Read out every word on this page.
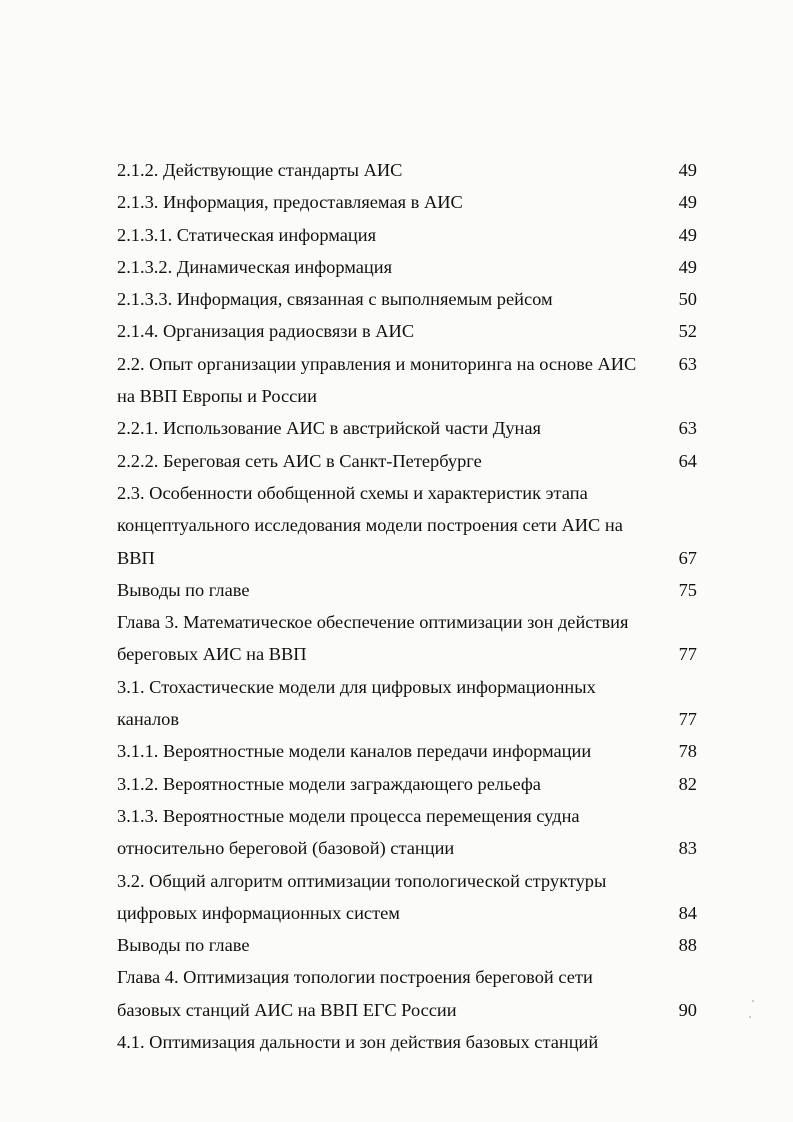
2.1.2. Действующие стандарты АИС	49
2.1.3. Информация, предоставляемая в АИС	49
2.1.3.1. Статическая информация	49
2.1.3.2. Динамическая информация	49
2.1.3.3. Информация, связанная с выполняемым рейсом	50
2.1.4. Организация радиосвязи в АИС	52
2.2. Опыт организации управления и мониторинга на основе АИС 63
на ВВП Европы и России
2.2.1. Использование АИС в австрийской части Дуная	63
2.2.2. Береговая сеть АИС в Санкт-Петербурге	64
2.3. Особенности обобщенной схемы и характеристик этапа
концептуального исследования модели построения сети АИС на
ВВП	67
Выводы по главе	75
Глава 3. Математическое обеспечение оптимизации зон действия
береговых АИС на ВВП	77
3.1. Стохастические модели для цифровых информационных
каналов	77
3.1.1. Вероятностные модели каналов передачи информации	78
3.1.2. Вероятностные модели заграждающего рельефа	82
3.1.3. Вероятностные модели процесса перемещения судна
относительно береговой (базовой) станции	83
3.2. Общий алгоритм оптимизации топологической структуры
цифровых информационных систем	84
Выводы по главе	88
Глава 4. Оптимизация топологии построения береговой сети
базовых станций АИС на ВВП ЕГС России	90
4.1. Оптимизация дальности и зон действия базовых станций
